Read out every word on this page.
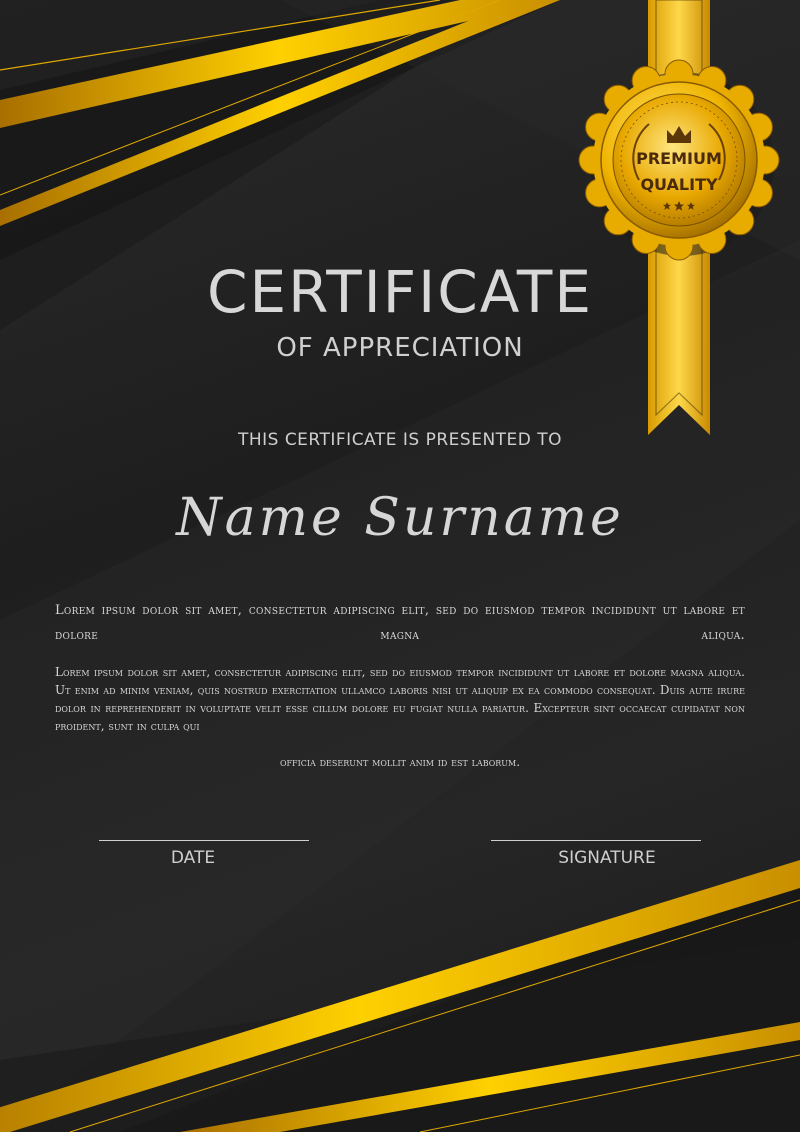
PREMIUM
QUALITY
CERTIFICATE
OF APPRECIATION
THIS CERTIFICATE IS PRESENTED TO
Name Surname
Lorem ipsum dolor sit amet, consectetur adipiscing elit, sed do eiusmod tempor incididunt ut labore et dolore magna aliqua.
Lorem ipsum dolor sit amet, consectetur adipiscing elit, sed do eiusmod tempor incididunt ut labore et dolore magna aliqua. Ut enim ad minim veniam, quis nostrud exercitation ullamco laboris nisi ut aliquip ex ea commodo consequat. Duis aute irure dolor in reprehenderit in voluptate velit esse cillum dolore eu fugiat nulla pariatur. Excepteur sint occaecat cupidatat non proident, sunt in culpa qui
officia deserunt mollit anim id est laborum.
DATE	SIGNATURE
